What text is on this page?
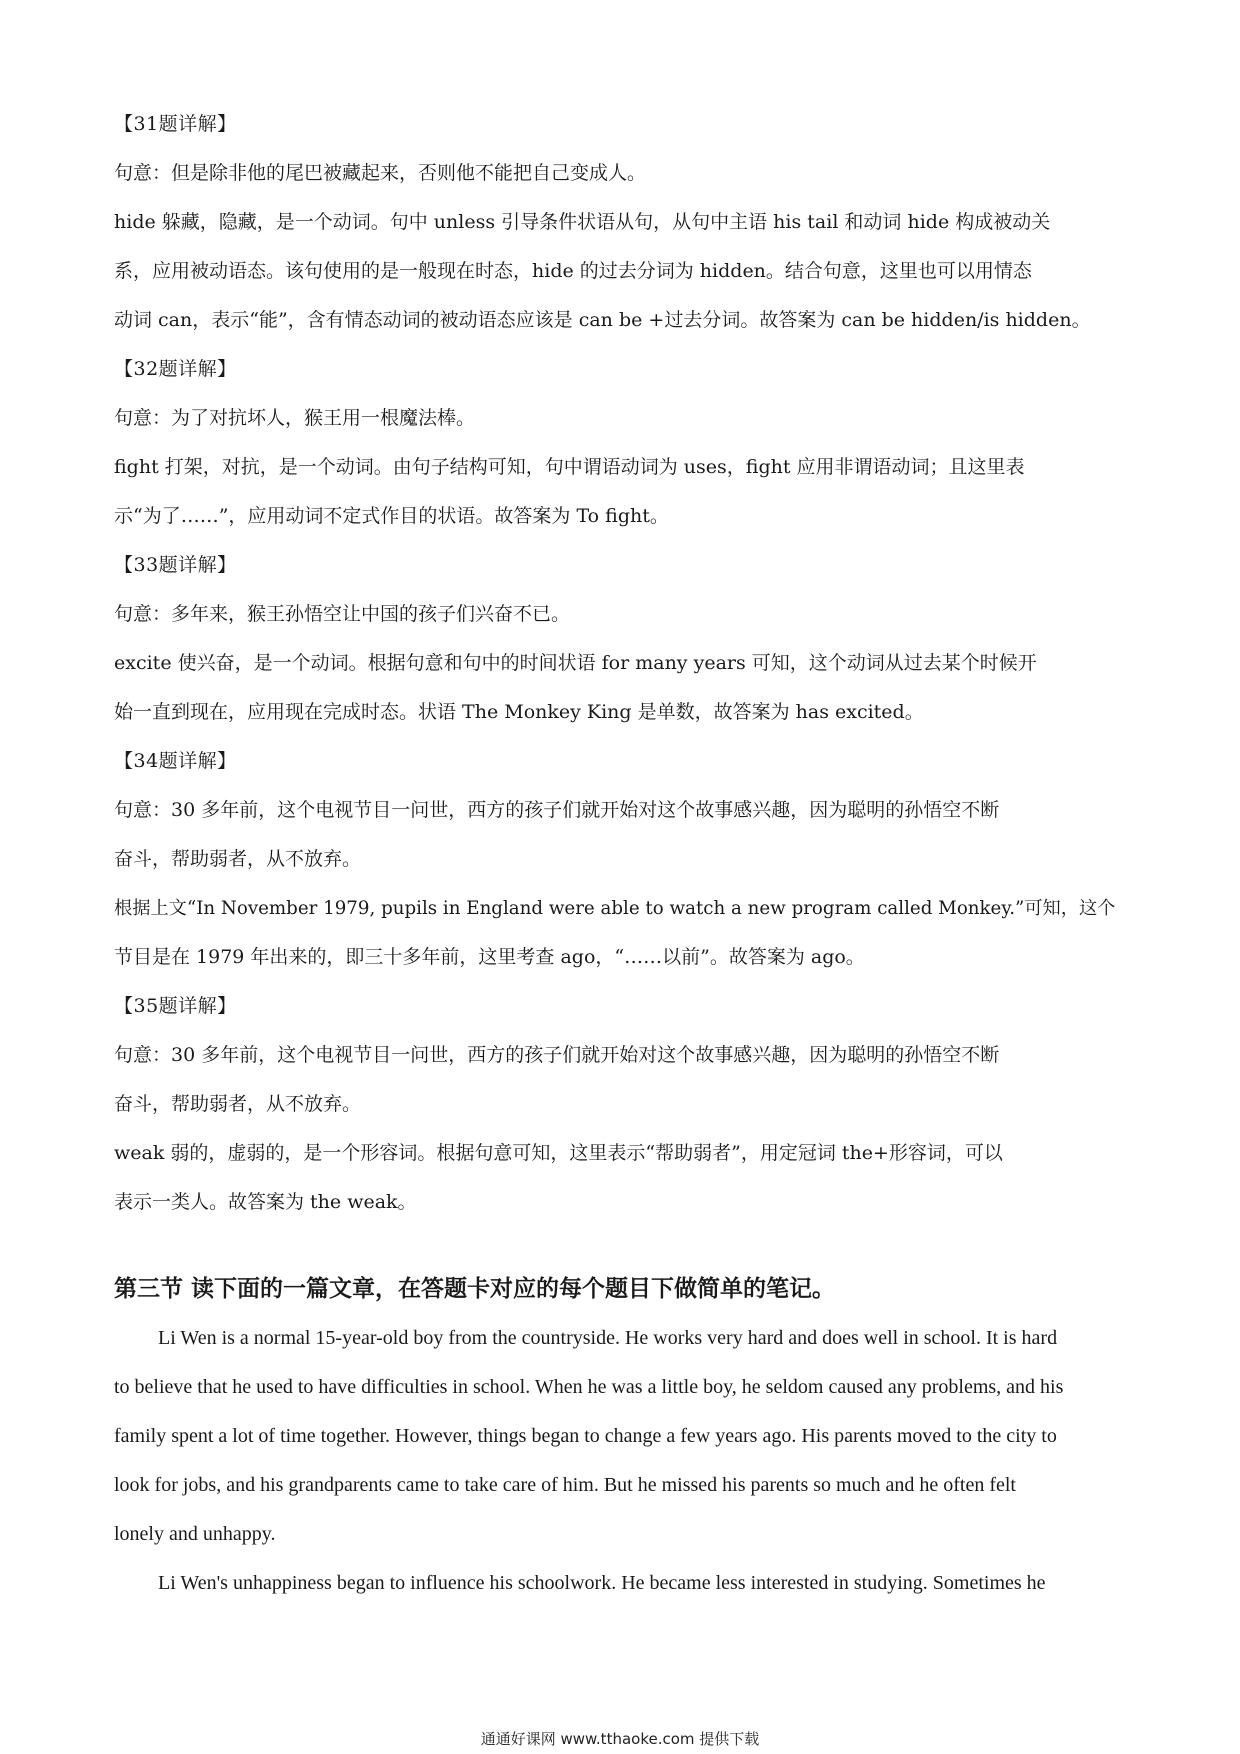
【31题详解】

句意：但是除非他的尾巴被藏起来，否则他不能把自己变成人。

hide 躲藏，隐藏，是一个动词。句中 unless 引导条件状语从句，从句中主语 his tail 和动词 hide 构成被动关

系，应用被动语态。该句使用的是一般现在时态，hide 的过去分词为 hidden。结合句意，这里也可以用情态

动词 can，表示“能”，含有情态动词的被动语态应该是 can be +过去分词。故答案为 can be hidden/is hidden。

【32题详解】

句意：为了对抗坏人，猴王用一根魔法棒。

fight 打架，对抗，是一个动词。由句子结构可知，句中谓语动词为 uses，fight 应用非谓语动词；且这里表

示“为了……”，应用动词不定式作目的状语。故答案为 To fight。

【33题详解】

句意：多年来，猴王孙悟空让中国的孩子们兴奋不已。

excite 使兴奋，是一个动词。根据句意和句中的时间状语 for many years 可知，这个动词从过去某个时候开

始一直到现在，应用现在完成时态。状语 The Monkey King 是单数，故答案为 has excited。

【34题详解】

句意：30 多年前，这个电视节目一问世，西方的孩子们就开始对这个故事感兴趣，因为聪明的孙悟空不断

奋斗，帮助弱者，从不放弃。

根据上文“In November 1979, pupils in England were able to watch a new program called Monkey.”可知，这个

节目是在 1979 年出来的，即三十多年前，这里考查 ago，“……以前”。故答案为 ago。

【35题详解】

句意：30 多年前，这个电视节目一问世，西方的孩子们就开始对这个故事感兴趣，因为聪明的孙悟空不断

奋斗，帮助弱者，从不放弃。

weak 弱的，虚弱的，是一个形容词。根据句意可知，这里表示“帮助弱者”，用定冠词 the+形容词，可以

表示一类人。故答案为 the weak。

第三节 读下面的一篇文章，在答题卡对应的每个题目下做简单的笔记。

Li Wen is a normal 15-year-old boy from the countryside. He works very hard and does well in school. It is hard

to believe that he used to have difficulties in school. When he was a little boy, he seldom caused any problems, and his

family spent a lot of time together. However, things began to change a few years ago. His parents moved to the city to

look for jobs, and his grandparents came to take care of him. But he missed his parents so much and he often felt

lonely and unhappy.

Li Wen's unhappiness began to influence his schoolwork. He became less interested in studying. Sometimes he

通通好课网 www.tthaoke.com 提供下载
